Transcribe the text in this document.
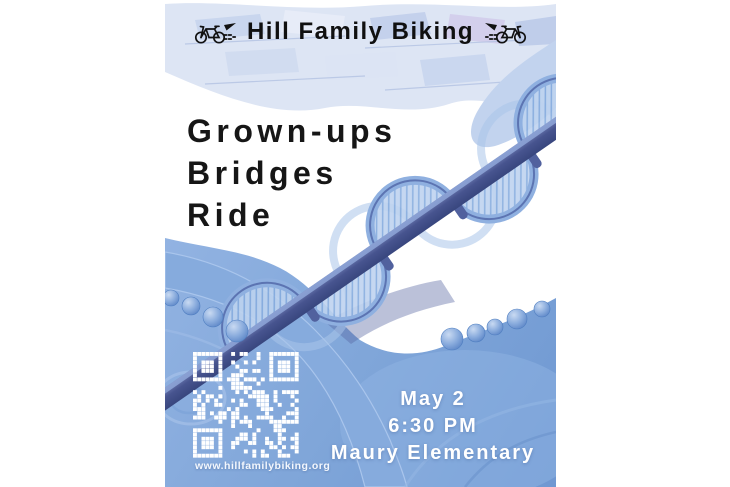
Hill Family Biking
Grown-ups
Bridges
Ride
May 2
6:30 PM
Maury Elementary
www.hillfamilybiking.org
